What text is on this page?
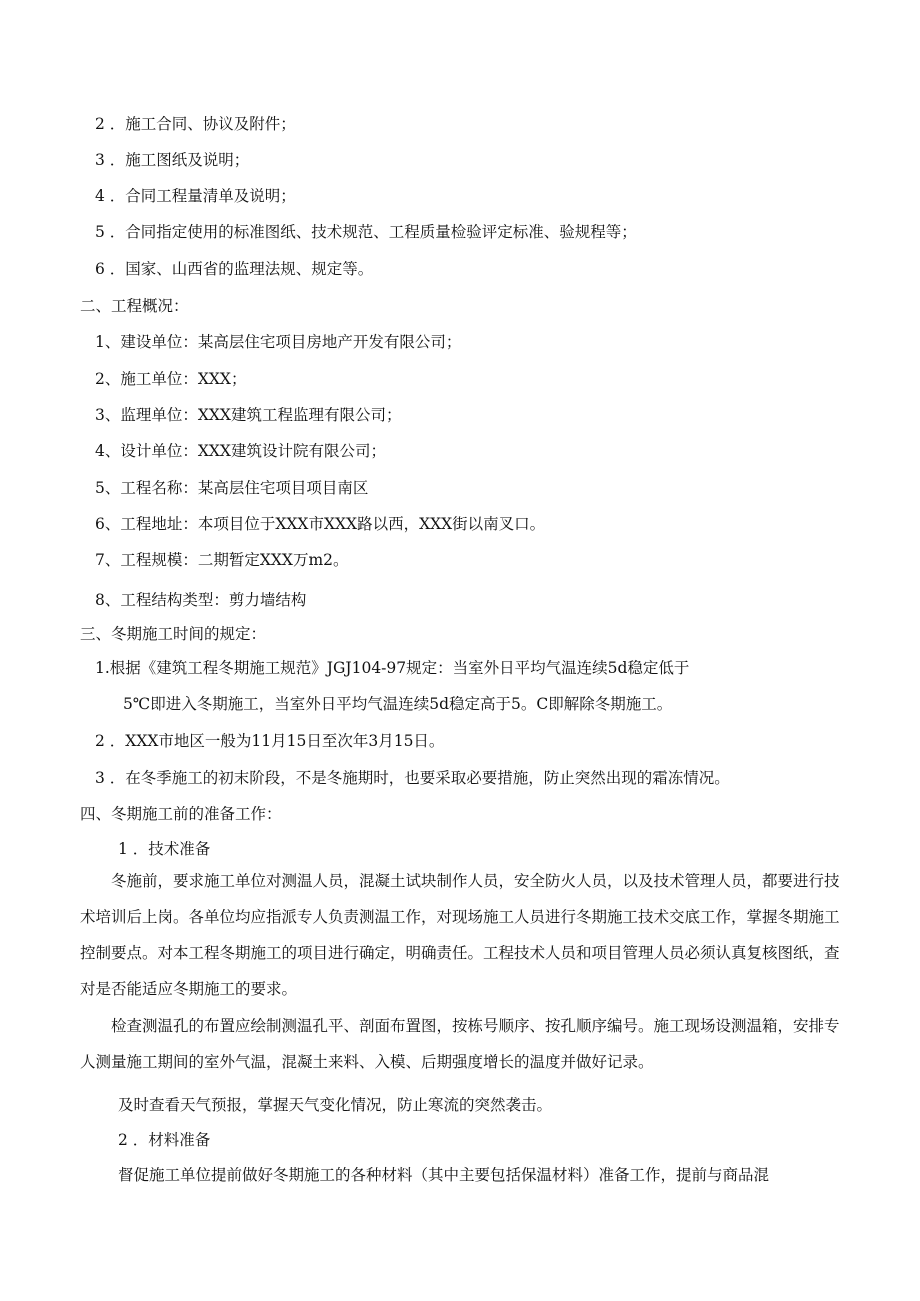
2 ．施工合同、协议及附件；
3 ．施工图纸及说明；
4 ．合同工程量清单及说明；
5 ．合同指定使用的标准图纸、技术规范、工程质量检验评定标准、验规程等；
6 ．国家、山西省的监理法规、规定等。
二、工程概况：
1、建设单位：某高层住宅项目房地产开发有限公司；
2、施工单位：XXX；
3、监理单位：XXX建筑工程监理有限公司；
4、设计单位：XXX建筑设计院有限公司；
5、工程名称：某高层住宅项目项目南区
6、工程地址：本项目位于XXX市XXX路以西，XXX街以南叉口。
7、工程规模：二期暂定XXX万m2。
8、工程结构类型：剪力墙结构
三、冬期施工时间的规定：
1.根据《建筑工程冬期施工规范》JGJ104-97规定：当室外日平均气温连续5d稳定低于
5℃即进入冬期施工，当室外日平均气温连续5d稳定高于5。C即解除冬期施工。
2 ．XXX市地区一般为11月15日至次年3月15日。
3 ．在冬季施工的初末阶段，不是冬施期时，也要采取必要措施，防止突然出现的霜冻情况。
四、冬期施工前的准备工作：
1 ．技术准备

冬施前，要求施工单位对测温人员，混凝土试块制作人员，安全防火人员，以及技术管理人员，都要进行技术培训后上岗。各单位均应指派专人负责测温工作，对现场施工人员进行冬期施工技术交底工作，掌握冬期施工控制要点。对本工程冬期施工的项目进行确定，明确责任。工程技术人员和项目管理人员必须认真复核图纸，查对是否能适应冬期施工的要求。

检查测温孔的布置应绘制测温孔平、剖面布置图，按栋号顺序、按孔顺序编号。施工现场设测温箱，安排专人测量施工期间的室外气温，混凝土来料、入模、后期强度增长的温度并做好记录。

及时查看天气预报，掌握天气变化情况，防止寒流的突然袭击。
2 ．材料准备
督促施工单位提前做好冬期施工的各种材料（其中主要包括保温材料）准备工作，提前与商品混
